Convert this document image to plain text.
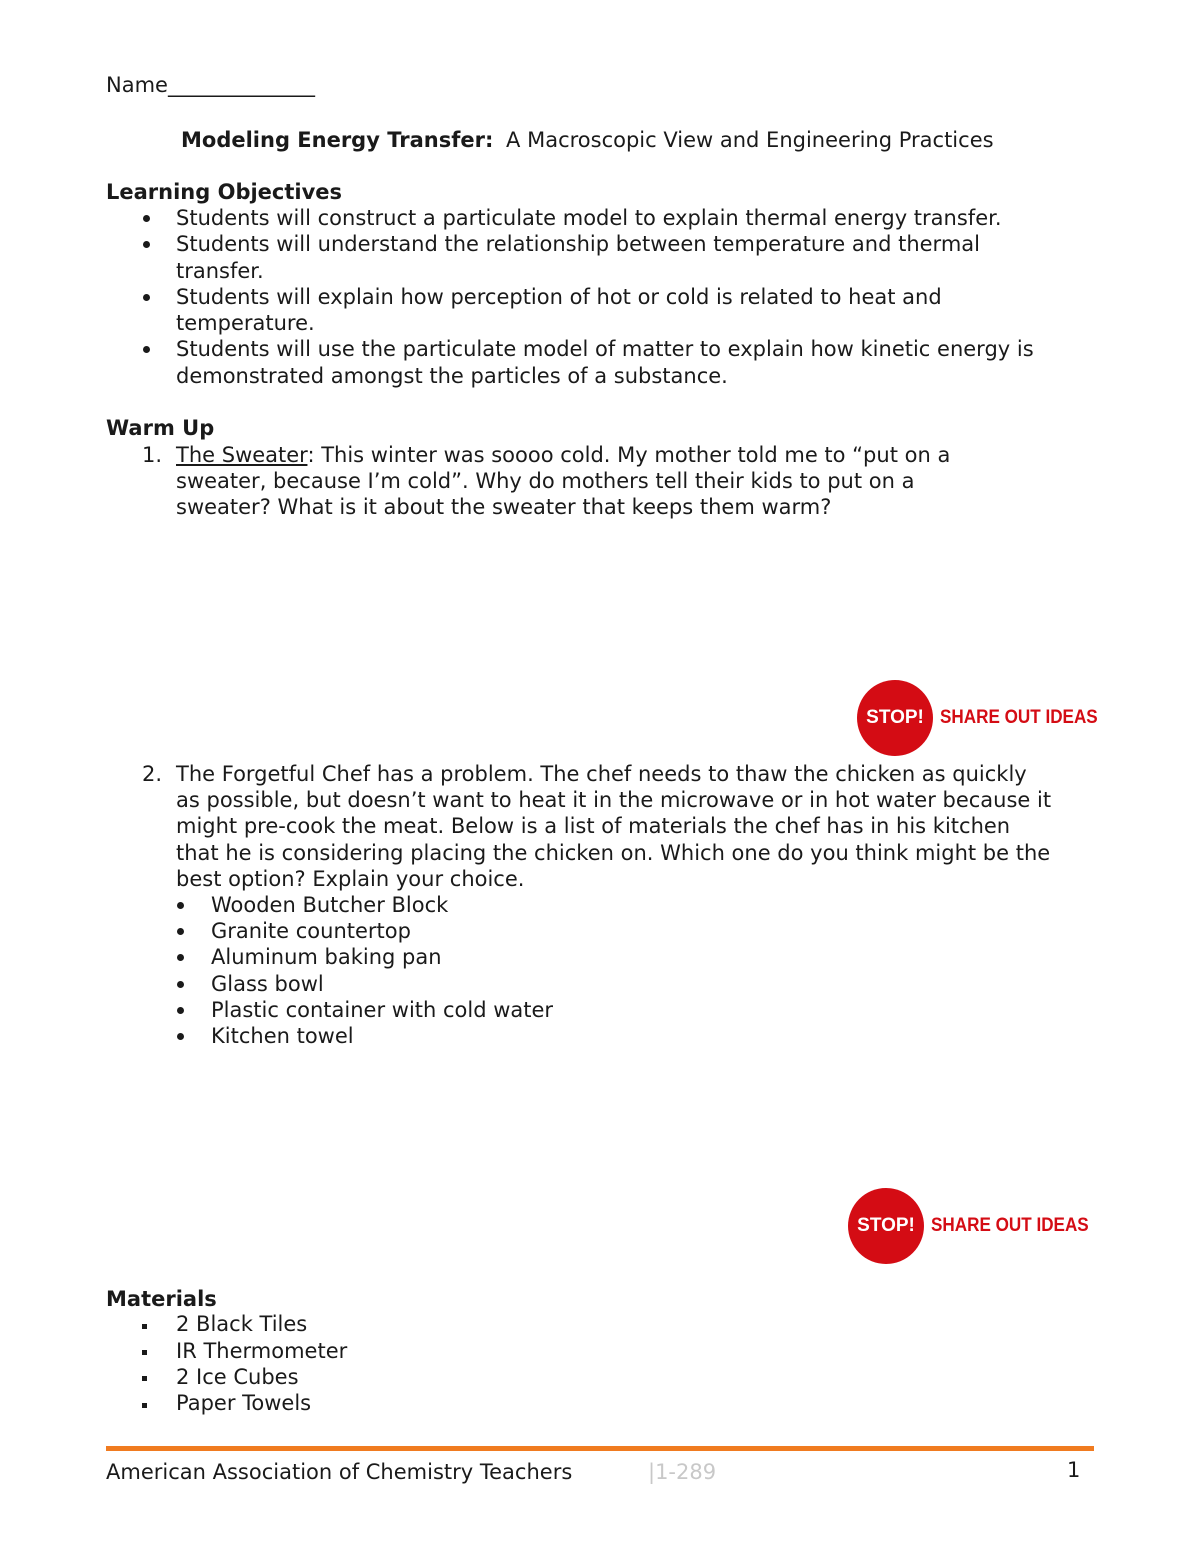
Name______________
Modeling Energy Transfer: A Macroscopic View and Engineering Practices
Learning Objectives
Students will construct a particulate model to explain thermal energy transfer.
Students will understand the relationship between temperature and thermal
transfer.
Students will explain how perception of hot or cold is related to heat and
temperature.
Students will use the particulate model of matter to explain how kinetic energy is
demonstrated amongst the particles of a substance.
Warm Up
1. The Sweater: This winter was soooo cold. My mother told me to “put on a
sweater, because I’m cold”. Why do mothers tell their kids to put on a
sweater? What is it about the sweater that keeps them warm?
STOP! SHARE OUT IDEAS
2. The Forgetful Chef has a problem. The chef needs to thaw the chicken as quickly
as possible, but doesn’t want to heat it in the microwave or in hot water because it
might pre-cook the meat. Below is a list of materials the chef has in his kitchen
that he is considering placing the chicken on. Which one do you think might be the
best option? Explain your choice.
Wooden Butcher Block
Granite countertop
Aluminum baking pan
Glass bowl
Plastic container with cold water
Kitchen towel
STOP! SHARE OUT IDEAS
Materials
2 Black Tiles
IR Thermometer
2 Ice Cubes
Paper Towels
American Association of Chemistry Teachers	|1-289	1
